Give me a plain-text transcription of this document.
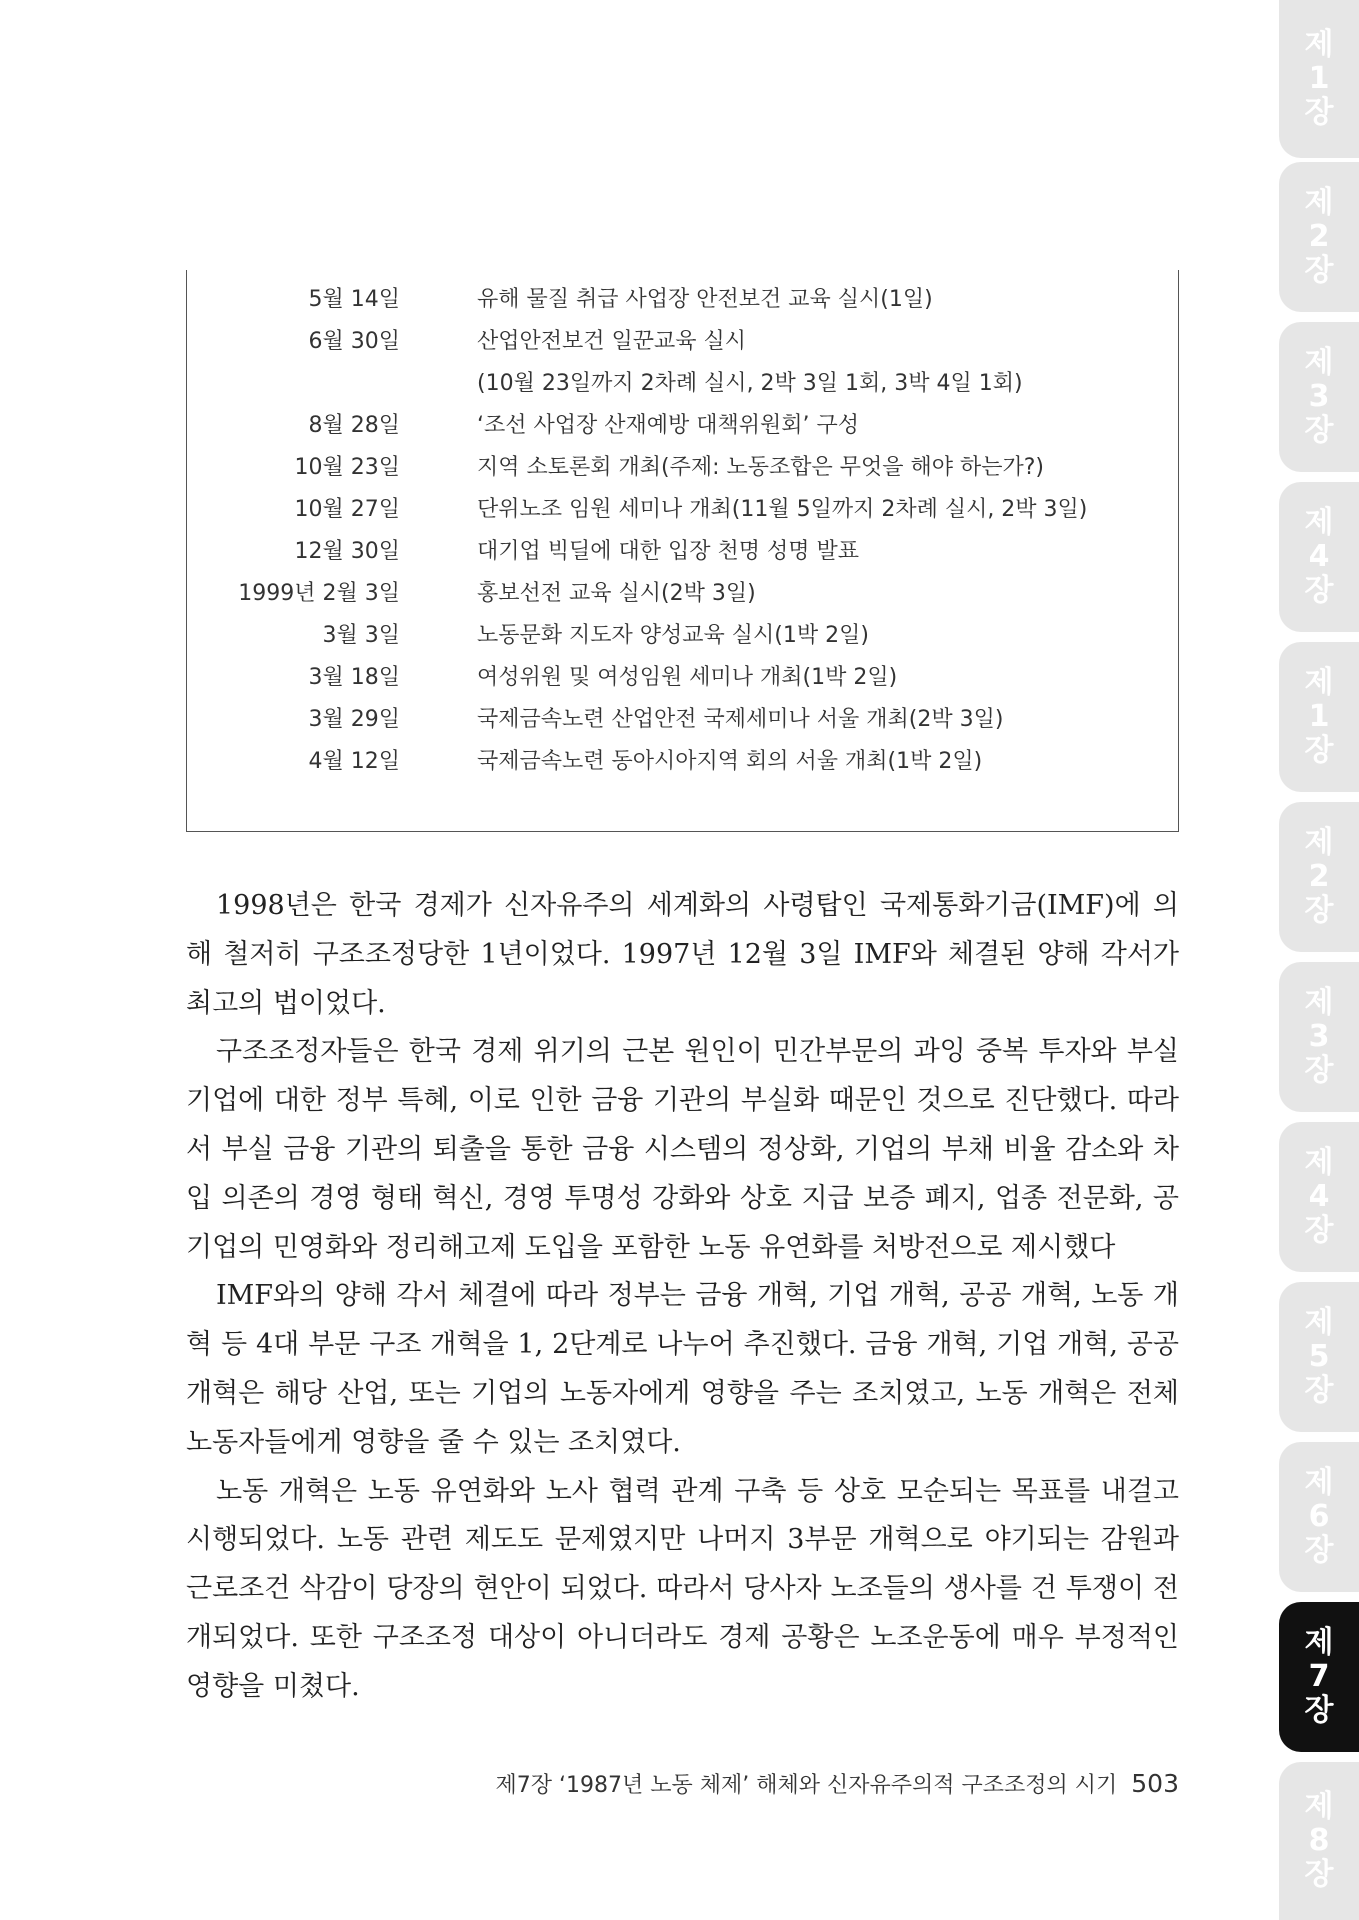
5월 14일	유해 물질 취급 사업장 안전보건 교육 실시(1일)
6월 30일	산업안전보건 일꾼교육 실시
(10월 23일까지 2차례 실시, 2박 3일 1회, 3박 4일 1회)
8월 28일	‘조선 사업장 산재예방 대책위원회’ 구성
10월 23일	지역 소토론회 개최(주제: 노동조합은 무엇을 해야 하는가?)
10월 27일	단위노조 임원 세미나 개최(11월 5일까지 2차례 실시, 2박 3일)
12월 30일	대기업 빅딜에 대한 입장 천명 성명 발표
1999년 2월 3일	홍보선전 교육 실시(2박 3일)
3월 3일	노동문화 지도자 양성교육 실시(1박 2일)
3월 18일	여성위원 및 여성임원 세미나 개최(1박 2일)
3월 29일	국제금속노련 산업안전 국제세미나 서울 개최(2박 3일)
4월 12일	국제금속노련 동아시아지역 회의 서울 개최(1박 2일)

1998년은 한국 경제가 신자유주의 세계화의 사령탑인 국제통화기금(IMF)에 의해 철저히 구조조정당한 1년이었다. 1997년 12월 3일 IMF와 체결된 양해 각서가 최고의 법이었다.

구조조정자들은 한국 경제 위기의 근본 원인이 민간부문의 과잉 중복 투자와 부실 기업에 대한 정부 특혜, 이로 인한 금융 기관의 부실화 때문인 것으로 진단했다. 따라서 부실 금융 기관의 퇴출을 통한 금융 시스템의 정상화, 기업의 부채 비율 감소와 차입 의존의 경영 형태 혁신, 경영 투명성 강화와 상호 지급 보증 폐지, 업종 전문화, 공기업의 민영화와 정리해고제 도입을 포함한 노동 유연화를 처방전으로 제시했다

IMF와의 양해 각서 체결에 따라 정부는 금융 개혁, 기업 개혁, 공공 개혁, 노동 개혁 등 4대 부문 구조 개혁을 1, 2단계로 나누어 추진했다. 금융 개혁, 기업 개혁, 공공 개혁은 해당 산업, 또는 기업의 노동자에게 영향을 주는 조치였고, 노동 개혁은 전체 노동자들에게 영향을 줄 수 있는 조치였다.

노동 개혁은 노동 유연화와 노사 협력 관계 구축 등 상호 모순되는 목표를 내걸고 시행되었다. 노동 관련 제도도 문제였지만 나머지 3부문 개혁으로 야기되는 감원과 근로조건 삭감이 당장의 현안이 되었다. 따라서 당사자 노조들의 생사를 건 투쟁이 전개되었다. 또한 구조조정 대상이 아니더라도 경제 공황은 노조운동에 매우 부정적인 영향을 미쳤다.

제7장 ‘1987년 노동 체제’ 해체와 신자유주의적 구조조정의 시기 503
제
1
장
제
2
장
제
3
장
제
4
장
제
1
장
제
2
장
제
3
장
제
4
장
제
5
장
제
6
장
제
7
장
제
8
장
